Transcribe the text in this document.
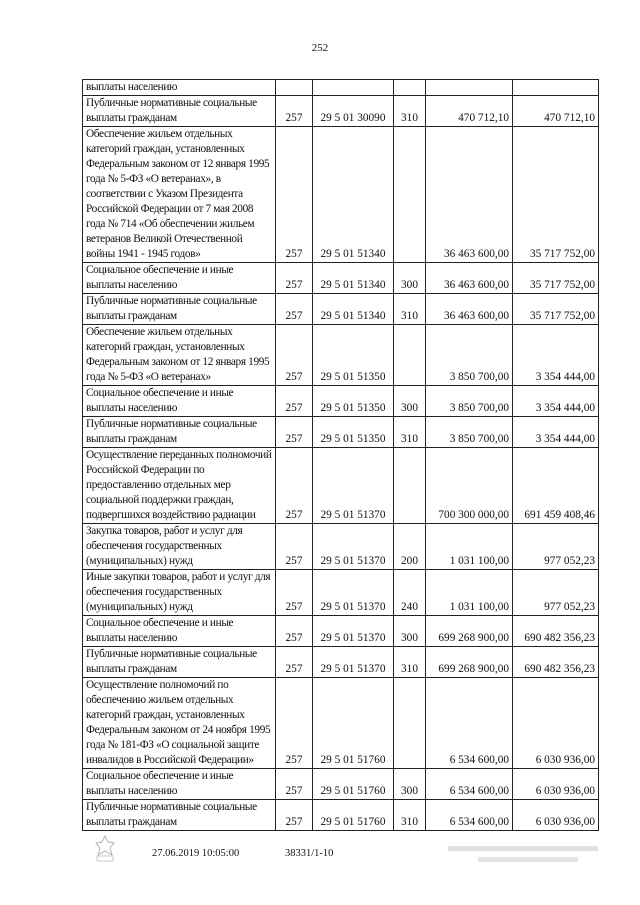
252
выплаты населению					
Публичные нормативные социальные выплаты гражданам	257	29 5 01 30090	310	470 712,10	470 712,10
Обеспечение жильем отдельных категорий граждан, установленных Федеральным законом от 12 января 1995 года № 5-ФЗ «О ветеранах», в соответствии с Указом Президента Российской Федерации от 7 мая 2008 года № 714 «Об обеспечении жильем ветеранов Великой Отечественной войны 1941 - 1945 годов»	257	29 5 01 51340		36 463 600,00	35 717 752,00
Социальное обеспечение и иные выплаты населению	257	29 5 01 51340	300	36 463 600,00	35 717 752,00
Публичные нормативные социальные выплаты гражданам	257	29 5 01 51340	310	36 463 600,00	35 717 752,00
Обеспечение жильем отдельных категорий граждан, установленных Федеральным законом от 12 января 1995 года № 5-ФЗ «О ветеранах»	257	29 5 01 51350		3 850 700,00	3 354 444,00
Социальное обеспечение и иные выплаты населению	257	29 5 01 51350	300	3 850 700,00	3 354 444,00
Публичные нормативные социальные выплаты гражданам	257	29 5 01 51350	310	3 850 700,00	3 354 444,00
Осуществление переданных полномочий Российской Федерации по предоставлению отдельных мер социальной поддержки граждан, подвергшихся воздействию радиации	257	29 5 01 51370		700 300 000,00	691 459 408,46
Закупка товаров, работ и услуг для обеспечения государственных (муниципальных) нужд	257	29 5 01 51370	200	1 031 100,00	977 052,23
Иные закупки товаров, работ и услуг для обеспечения государственных (муниципальных) нужд	257	29 5 01 51370	240	1 031 100,00	977 052,23
Социальное обеспечение и иные выплаты населению	257	29 5 01 51370	300	699 268 900,00	690 482 356,23
Публичные нормативные социальные выплаты гражданам	257	29 5 01 51370	310	699 268 900,00	690 482 356,23
Осуществление полномочий по обеспечению жильем отдельных категорий граждан, установленных Федеральным законом от 24 ноября 1995 года № 181-ФЗ «О социальной защите инвалидов в Российской Федерации»	257	29 5 01 51760		6 534 600,00	6 030 936,00
Социальное обеспечение и иные выплаты населению	257	29 5 01 51760	300	6 534 600,00	6 030 936,00
Публичные нормативные социальные выплаты гражданам	257	29 5 01 51760	310	6 534 600,00	6 030 936,00
27.06.2019 10:05:00	38331/1-10
